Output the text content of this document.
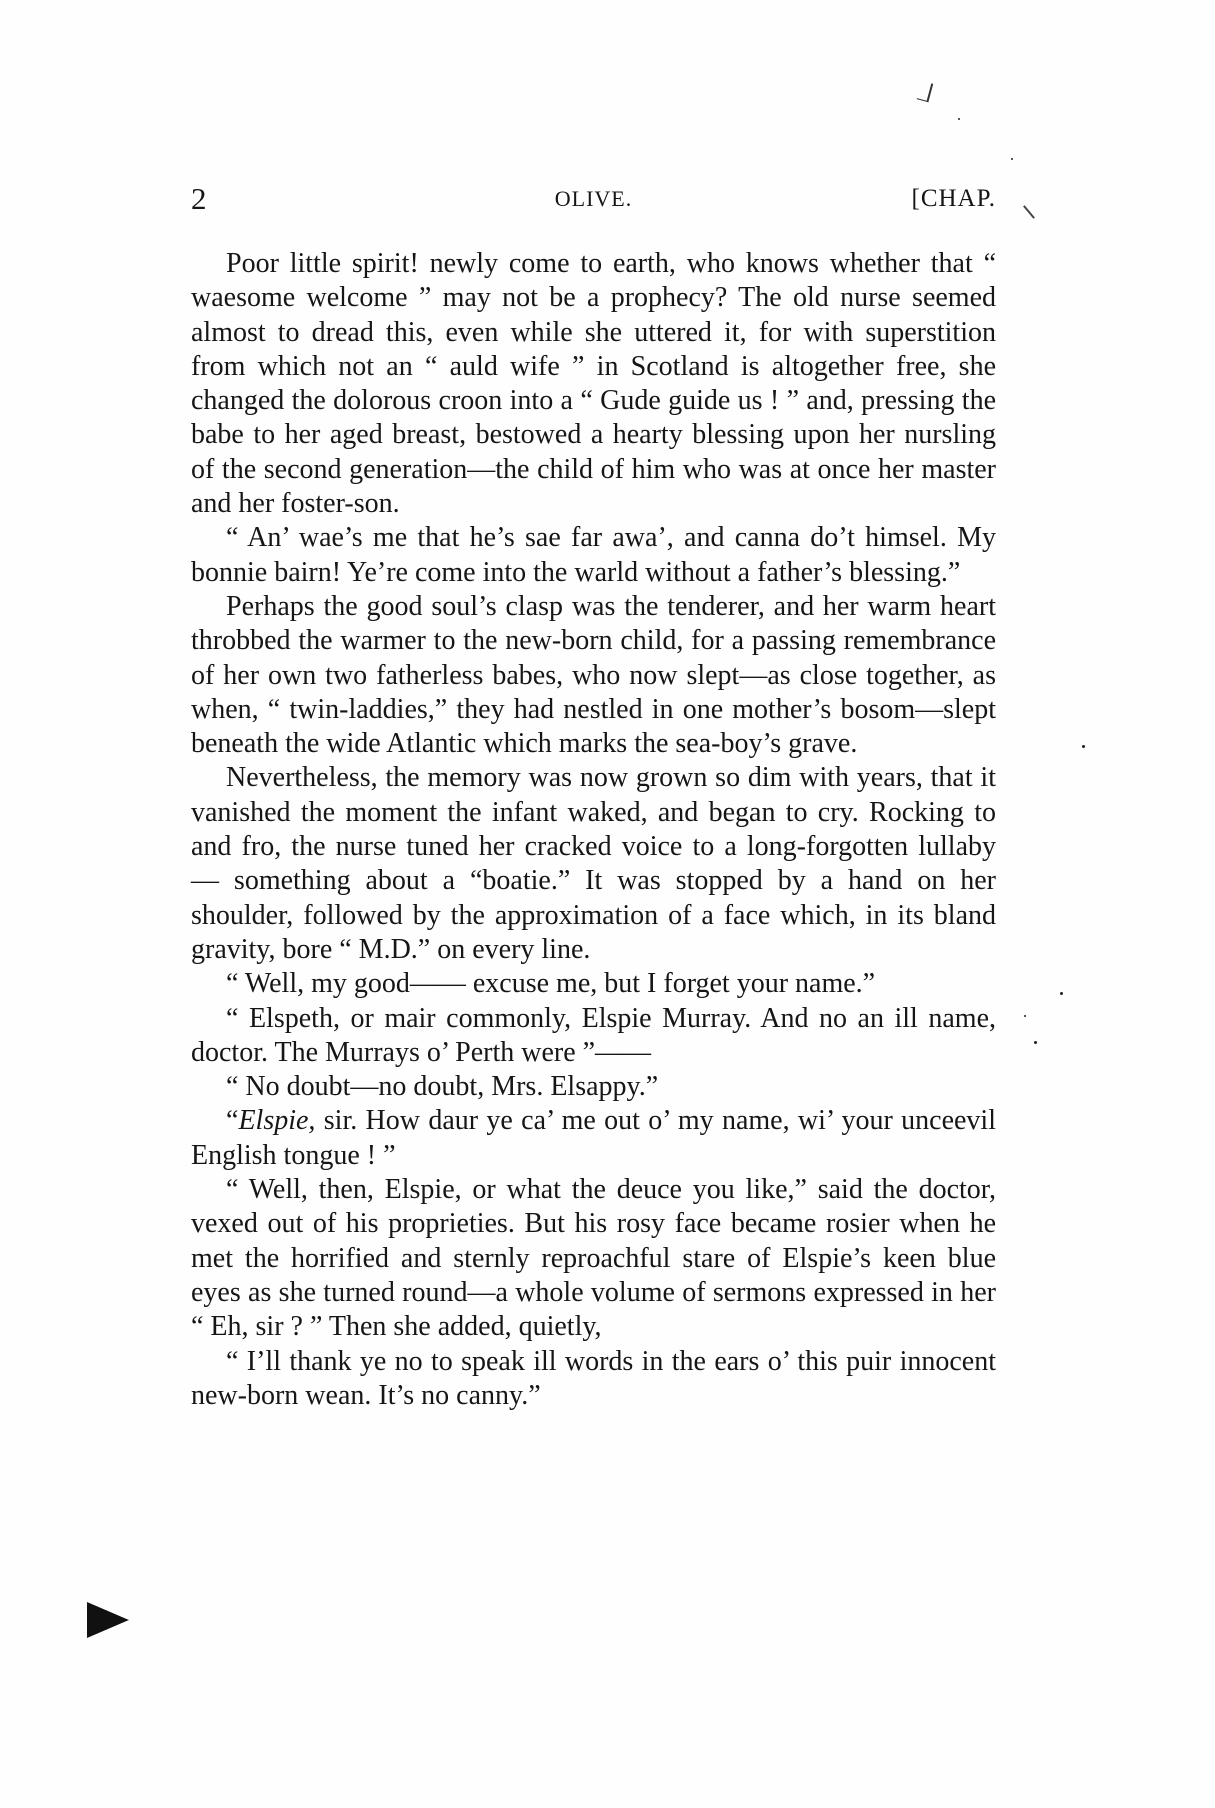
2	OLIVE.	[CHAP.

Poor little spirit! newly come to earth, who knows whether that “ waesome welcome ” may not be a prophecy? The old nurse seemed almost to dread this, even while she uttered it, for with superstition from which not an “ auld wife ” in Scotland is altogether free, she changed the dolorous croon into a “ Gude guide us ! ” and, pressing the babe to her aged breast, bestowed a hearty blessing upon her nursling of the second generation—the child of him who was at once her master and her foster-son.

“ An’ wae’s me that he’s sae far awa’, and canna do’t himsel. My bonnie bairn! Ye’re come into the warld without a father’s blessing.”

Perhaps the good soul’s clasp was the tenderer, and her warm heart throbbed the warmer to the new-born child, for a passing remembrance of her own two fatherless babes, who now slept—as close together, as when, “ twin-laddies,” they had nestled in one mother’s bosom—slept beneath the wide Atlantic which marks the sea-boy’s grave.

Nevertheless, the memory was now grown so dim with years, that it vanished the moment the infant waked, and began to cry. Rocking to and fro, the nurse tuned her cracked voice to a long-forgotten lullaby — something about a “boatie.” It was stopped by a hand on her shoulder, followed by the approximation of a face which, in its bland gravity, bore “ M.D.” on every line.

“ Well, my good—— excuse me, but I forget your name.”

“ Elspeth, or mair commonly, Elspie Murray. And no an ill name, doctor. The Murrays o’ Perth were ”——

“ No doubt—no doubt, Mrs. Elsappy.”

“Elspie, sir. How daur ye ca’ me out o’ my name, wi’ your unceevil English tongue ! ”

“ Well, then, Elspie, or what the deuce you like,” said the doctor, vexed out of his proprieties. But his rosy face became rosier when he met the horrified and sternly reproachful stare of Elspie’s keen blue eyes as she turned round—a whole volume of sermons expressed in her “ Eh, sir ? ” Then she added, quietly,

“ I’ll thank ye no to speak ill words in the ears o’ this puir innocent new-born wean. It’s no canny.”
